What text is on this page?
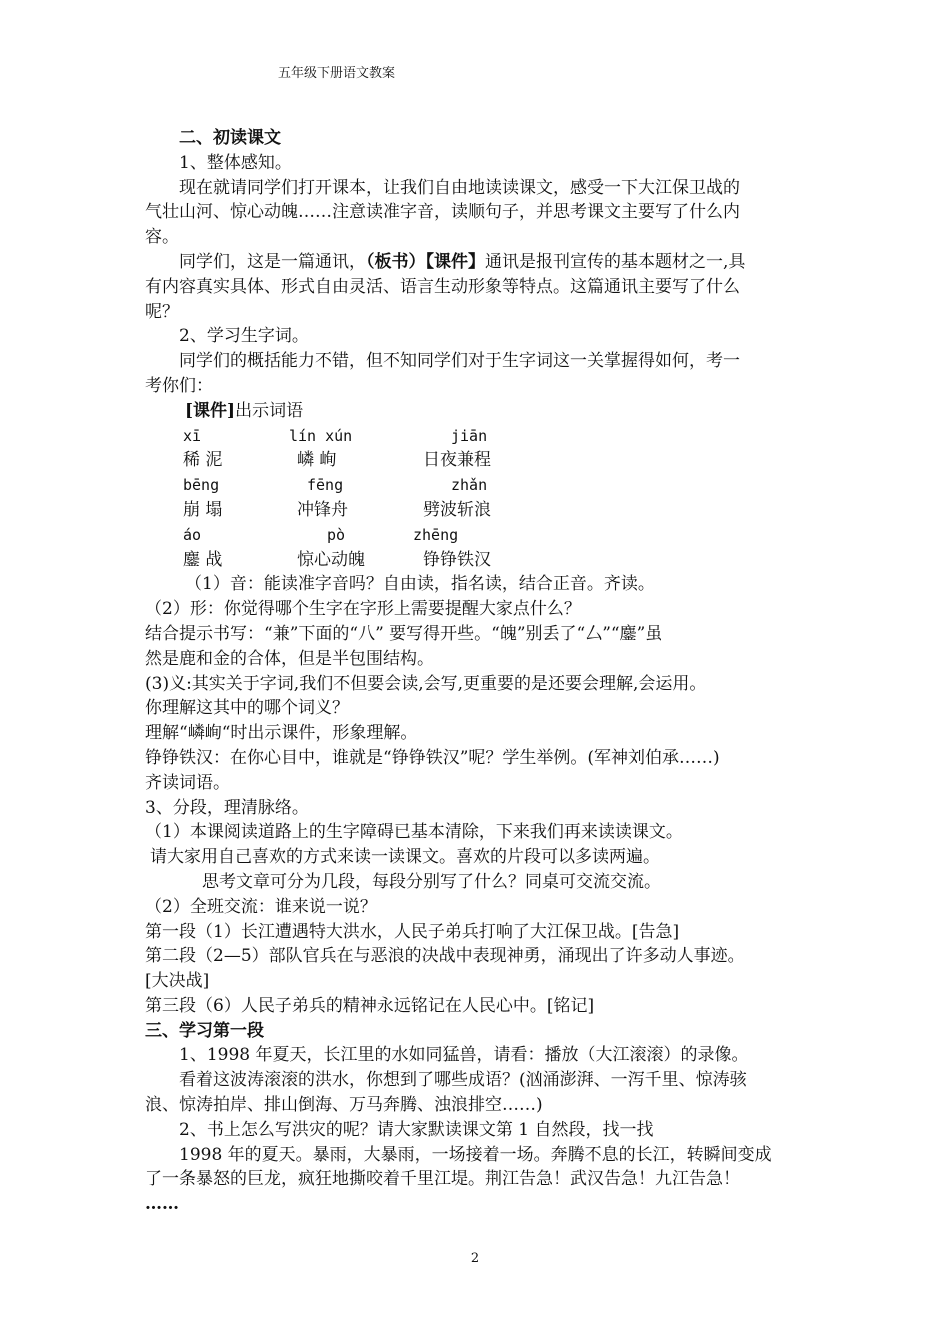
五年级下册语文教案

二、初读课文

1、整体感知。

现在就请同学们打开课本，让我们自由地读读课文，感受一下大江保卫战的

气壮山河、惊心动魄……注意读准字音，读顺句子，并思考课文主要写了什么内

容。

同学们，这是一篇通讯，（板书）【课件】通讯是报刊宣传的基本题材之一,具

有内容真实具体、形式自由灵活、语言生动形象等特点。这篇通讯主要写了什么

呢？

2、学习生字词。

同学们的概括能力不错，但不知同学们对于生字词这一关掌握得如何，考一

考你们：

[课件]出示词语

xī	lín xún	jiān
稀 泥	嶙 峋	日夜兼程
bēng	fēng	zhǎn
崩 塌	冲锋舟	劈波斩浪
áo	pò	zhēng
鏖 战	惊心动魄	铮铮铁汉

（1）音：能读准字音吗？自由读，指名读，结合正音。齐读。

（2）形：你觉得哪个生字在字形上需要提醒大家点什么？

结合提示书写：“兼”下面的“八” 要写得开些。“魄”别丢了“厶”“鏖”虽

然是鹿和金的合体，但是半包围结构。

(3)义:其实关于字词,我们不但要会读,会写,更重要的是还要会理解,会运用。

你理解这其中的哪个词义？

理解“嶙峋“时出示课件，形象理解。

铮铮铁汉：在你心目中，谁就是“铮铮铁汉”呢？学生举例。(军神刘伯承……)

齐读词语。

3、分段，理清脉络。

（1）本课阅读道路上的生字障碍已基本清除，下来我们再来读读课文。

请大家用自己喜欢的方式来读一读课文。喜欢的片段可以多读两遍。

思考文章可分为几段，每段分别写了什么？同桌可交流交流。

（2）全班交流：谁来说一说？

第一段（1）长江遭遇特大洪水，人民子弟兵打响了大江保卫战。[告急]

第二段（2—5）部队官兵在与恶浪的决战中表现神勇，涌现出了许多动人事迹。

[大决战]

第三段（6）人民子弟兵的精神永远铭记在人民心中。[铭记]

三、学习第一段

1、1998 年夏天，长江里的水如同猛兽，请看：播放（大江滚滚）的录像。

看着这波涛滚滚的洪水，你想到了哪些成语？(汹涌澎湃、一泻千里、惊涛骇

浪、惊涛拍岸、排山倒海、万马奔腾、浊浪排空……)

2、书上怎么写洪灾的呢？请大家默读课文第 1 自然段，找一找

1998 年的夏天。暴雨，大暴雨，一场接着一场。奔腾不息的长江，转瞬间变成

了一条暴怒的巨龙，疯狂地撕咬着千里江堤。荆江告急！武汉告急！九江告急！

……

2
